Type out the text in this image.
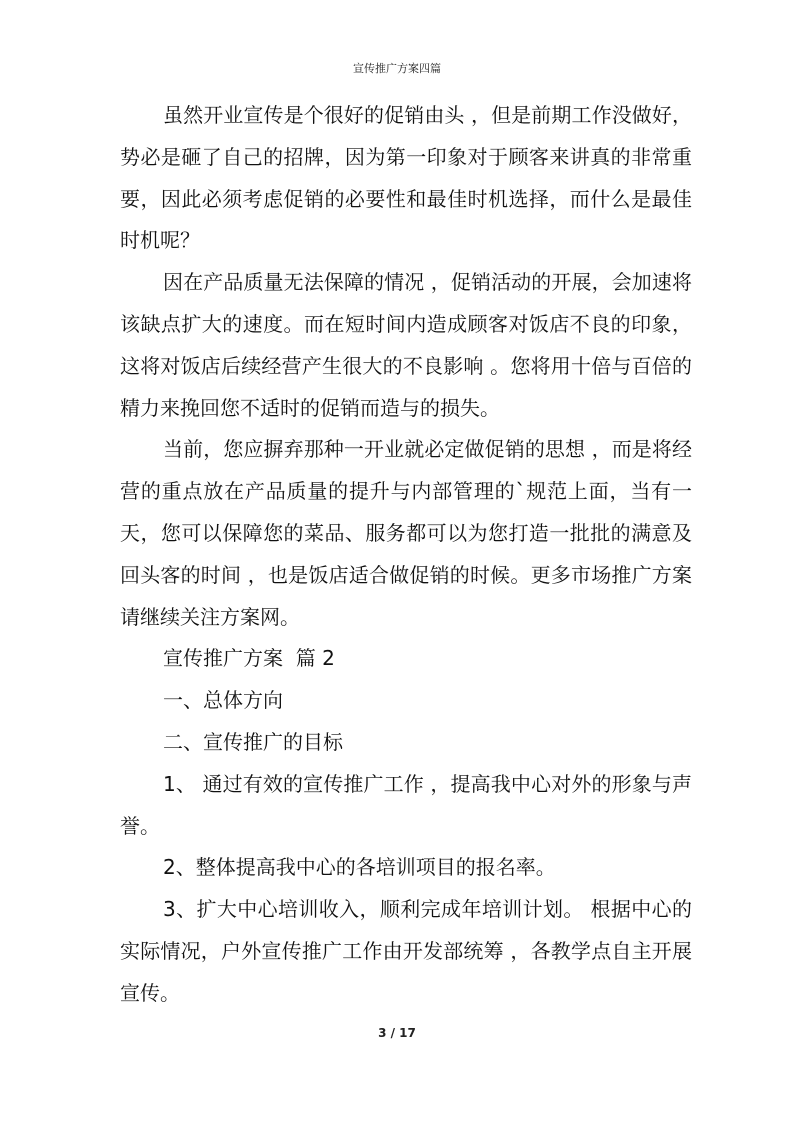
宣传推广方案四篇

虽然开业宣传是个很好的促销由头 ，但是前期工作没做好，势必是砸了自己的招牌，因为第一印象对于顾客来讲真的非常重要，因此必须考虑促销的必要性和最佳时机选择，而什么是最佳时机呢？

因在产品质量无法保障的情况 ，促销活动的开展，会加速将该缺点扩大的速度。而在短时间内造成顾客对饭店不良的印象，这将对饭店后续经营产生很大的不良影响 。您将用十倍与百倍的精力来挽回您不适时的促销而造与的损失。

当前，您应摒弃那种一开业就必定做促销的思想 ，而是将经营的重点放在产品质量的提升与内部管理的`规范上面，当有一天，您可以保障您的菜品、服务都可以为您打造一批批的满意及回头客的时间 ，也是饭店适合做促销的时候。更多市场推广方案请继续关注方案网。

宣传推广方案  篇 2

一、总体方向

二、宣传推广的目标

1、 通过有效的宣传推广工作 ，提高我中心对外的形象与声誉。

2、整体提高我中心的各培训项目的报名率。

3、扩大中心培训收入，顺利完成年培训计划。 根据中心的实际情况，户外宣传推广工作由开发部统筹 ，各教学点自主开展宣传。

3 / 17
